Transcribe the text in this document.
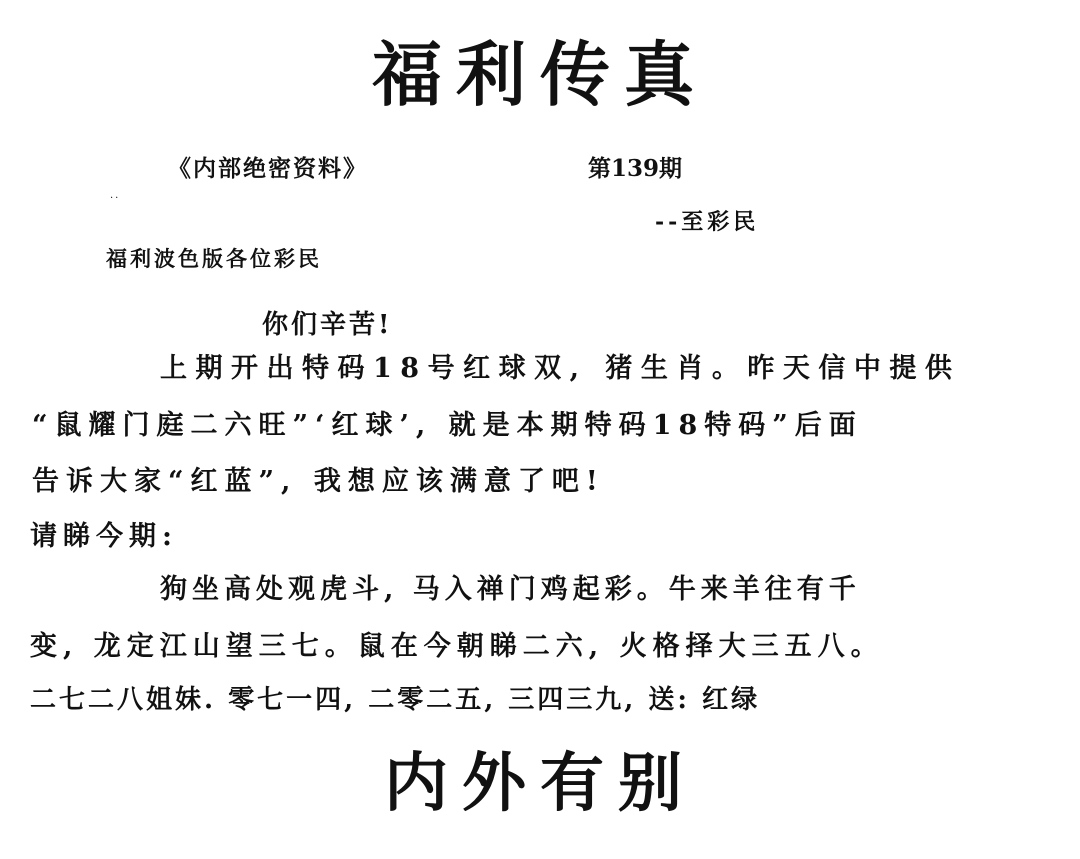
福利传真
《内部绝密资料》	第139期
..
--至彩民
福利波色版各位彩民
你们辛苦!
上期开出特码18号红球双, 猪生肖。昨天信中提供
“鼠耀门庭二六旺”‘红球’, 就是本期特码18特码”后面
告诉大家“红蓝”, 我想应该满意了吧!
请睇今期:
狗坐高处观虎斗, 马入禅门鸡起彩。牛来羊往有千
变, 龙定江山望三七。鼠在今朝睇二六, 火格择大三五八。
二七二八姐妹. 零七一四, 二零二五, 三四三九, 送: 红绿
内外有别
